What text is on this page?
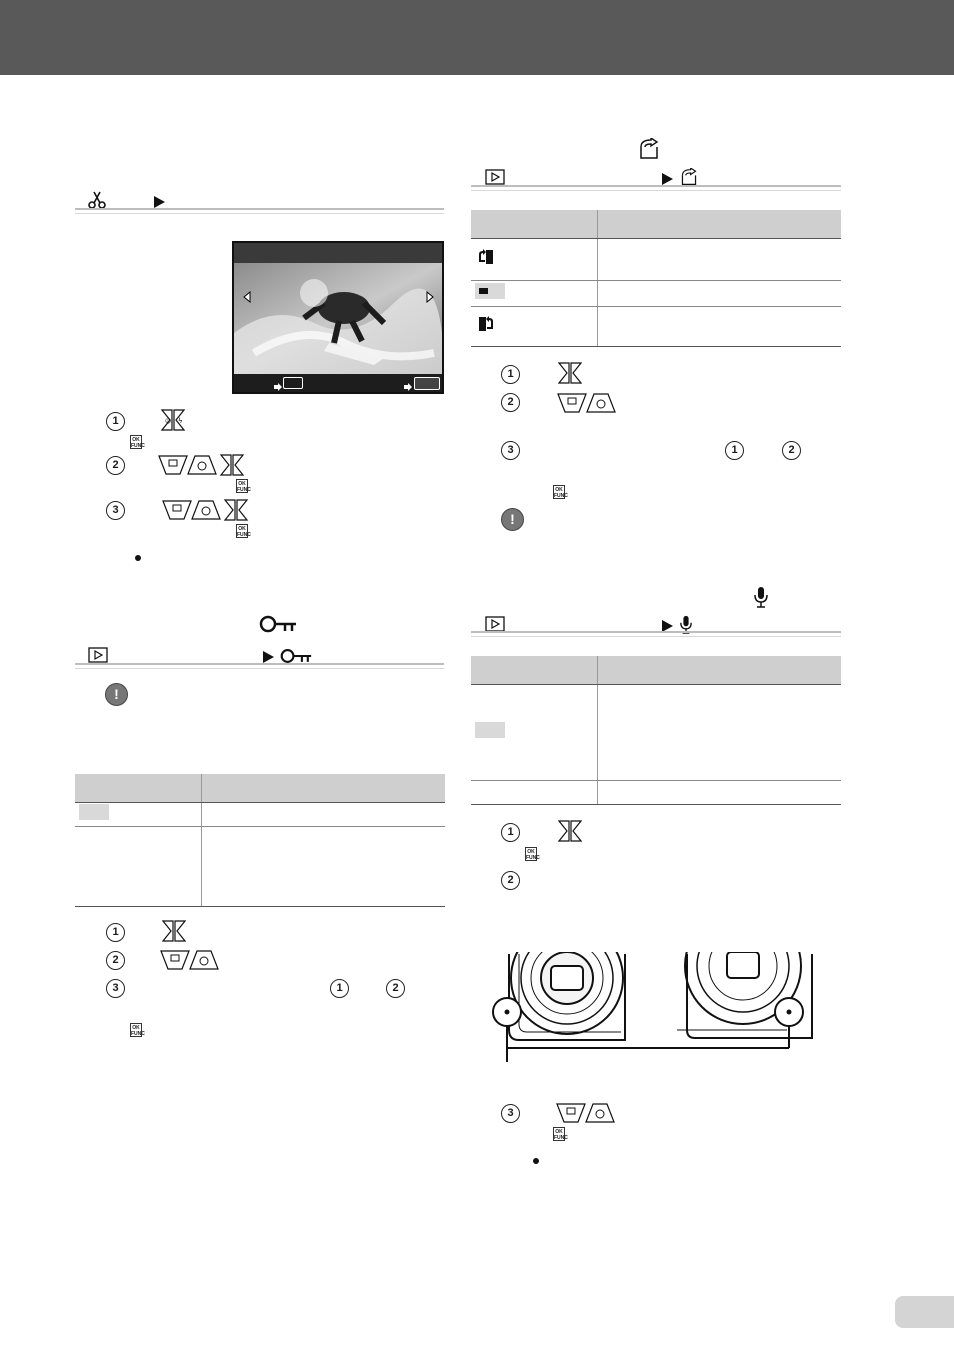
1	☺ ϟ
OK
FUNC
2
OK
FUNC
3
OK
FUNC
!

1
2
3	1	2
OK
FUNC

1
2
3	1	2
OK
FUNC
!

1
OK
FUNC
2
3
OK
FUNC
